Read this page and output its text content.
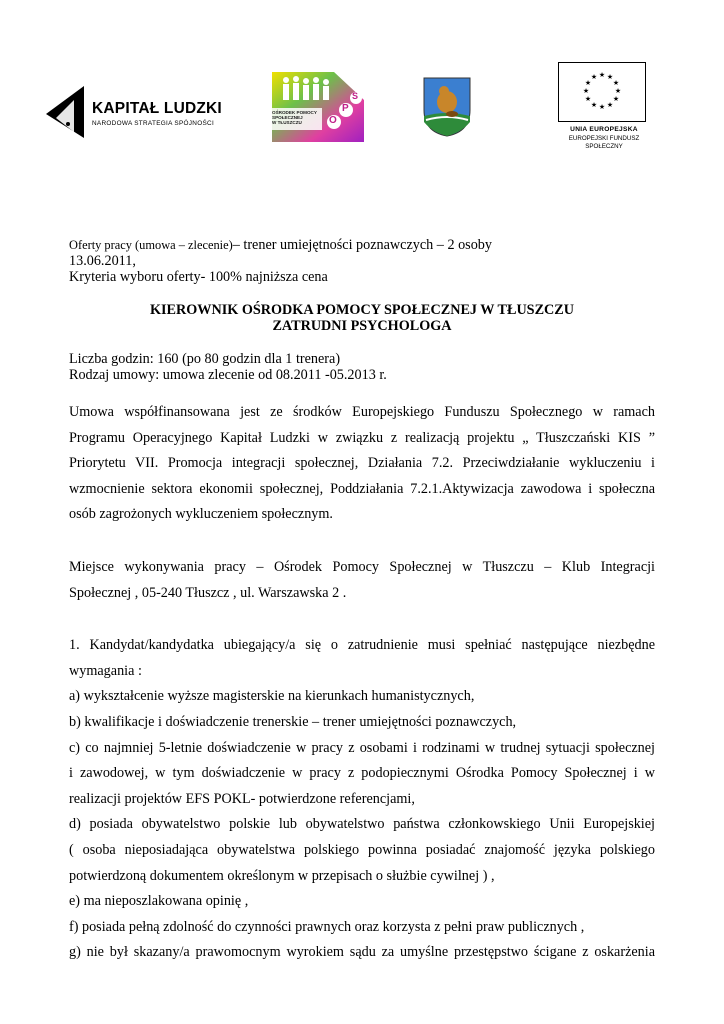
KAPITAŁ LUDZKI
NARODOWA STRATEGIA SPÓJNOŚCI
OŚRODEK POMOCY
SPOŁECZNEJ
W TŁUSZCZU	O
P
S
★ ★
★
★
★
★
★
★
★
★
★
★
UNIA EUROPEJSKA
EUROPEJSKI FUNDUSZ
SPOŁECZNY
Oferty pracy (umowa – zlecenie)– trener umiejętności poznawczych – 2 osoby
13.06.2011,
Kryteria wyboru oferty- 100% najniższa cena
KIEROWNIK OŚRODKA POMOCY SPOŁECZNEJ W TŁUSZCZU
ZATRUDNI PSYCHOLOGA
Liczba godzin: 160 (po 80 godzin dla 1 trenera)
Rodzaj umowy: umowa zlecenie od 08.2011 -05.2013 r.
Umowa współfinansowana jest ze środków Europejskiego Funduszu Społecznego w ramach
Programu Operacyjnego Kapitał Ludzki w związku z realizacją projektu „ Tłuszczański KIS ”
Priorytetu VII. Promocja integracji społecznej, Działania 7.2. Przeciwdziałanie wykluczeniu i
wzmocnienie sektora ekonomii społecznej, Poddziałania 7.2.1.Aktywizacja zawodowa i społeczna
osób zagrożonych wykluczeniem społecznym.
Miejsce wykonywania pracy – Ośrodek Pomocy Społecznej w Tłuszczu – Klub Integracji
Społecznej , 05-240 Tłuszcz , ul. Warszawska 2 .
1. Kandydat/kandydatka ubiegający/a się o zatrudnienie musi spełniać następujące niezbędne
wymagania :
a) wykształcenie wyższe magisterskie na kierunkach humanistycznych,
b) kwalifikacje i doświadczenie trenerskie – trener umiejętności poznawczych,
c) co najmniej 5-letnie doświadczenie w pracy z osobami i rodzinami w trudnej sytuacji społecznej
i zawodowej, w tym doświadczenie w pracy z podopiecznymi Ośrodka Pomocy Społecznej i w
realizacji projektów EFS POKL- potwierdzone referencjami,
d) posiada obywatelstwo polskie lub obywatelstwo państwa członkowskiego Unii Europejskiej
( osoba nieposiadająca obywatelstwa polskiego powinna posiadać znajomość języka polskiego
potwierdzoną dokumentem określonym w przepisach o służbie cywilnej ) ,
e) ma nieposzlakowana opinię ,
f) posiada pełną zdolność do czynności prawnych oraz korzysta z pełni praw publicznych ,
g) nie był skazany/a prawomocnym wyrokiem sądu za umyślne przestępstwo ścigane z oskarżenia
